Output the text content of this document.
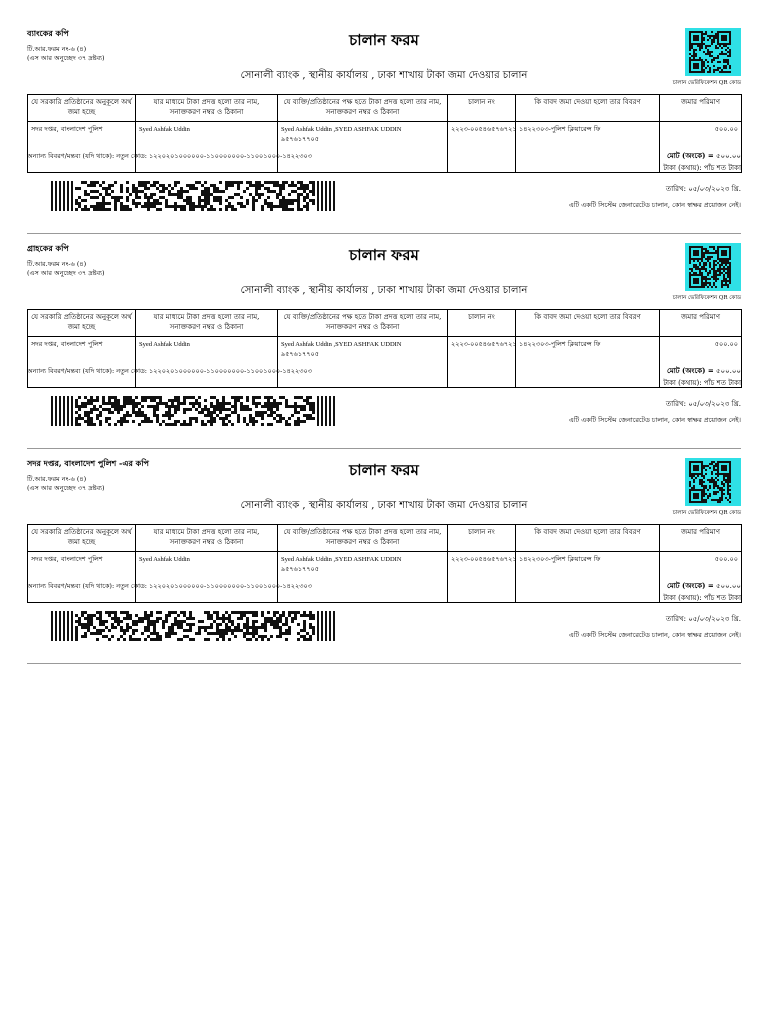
ব্যাংকের কপি
টি.আর.ফরম নং-৬ (৪)
(এস আর অনুচ্ছেদ ৩৭ দ্রষ্টব্য)
চালান ফরম
সোনালী ব্যাংক , স্থানীয় কার্যালয় , ঢাকা শাখায় টাকা জমা দেওয়ার চালান
চালান ভেরিফিকেশন QR কোড
যে সরকারি প্রতিষ্ঠানের অনুকূলে অর্থ জমা হচ্ছে	যার মাধ্যমে টাকা প্রদত্ত হলো তার নাম, সনাক্তকরণ নম্বর ও ঠিকানা	যে ব্যক্তি/প্রতিষ্ঠানের পক্ষ হতে টাকা প্রদত্ত হলো তার নাম, সনাক্তকরণ নম্বর ও ঠিকানা	চালান নং	কি বাবদ জমা দেওয়া হলো তার বিবরণ	জমার পরিমাণ
সদর দপ্তর, বাংলাদেশ পুলিশ	Syed Ashfak Uddin	Syed Ashfak Uddin ,SYED ASHFAK UDDIN
৯৫৭৬১৭৭০৫	২২২৩-০০৫৪৬৫৭৬৭২১	১৪২২৩০৩-পুলিশ ক্লিয়ারেন্স ফি	৫০০.০০
অন্যান্য বিবরণ/মন্তব্য (যদি থাকে): নতুন কোড: ১২২০২০১০০০০০০-১১০০০০০০০-১১০০১০০০-১৪২২৩০৩	মোট (অংকে) = ৫০০.০০
টাকা (কথায়): পাঁচ শত টাকা
তারিখ: ০৫/০৩/২০২৩ খ্রি.
এটি একটি সিস্টেম জেনারেটেড চালান, কোন স্বাক্ষর প্রয়োজন নেই।
গ্রাহকের কপি
টি.আর.ফরম নং-৬ (৪)
(এস আর অনুচ্ছেদ ৩৭ দ্রষ্টব্য)
চালান ফরম
সোনালী ব্যাংক , স্থানীয় কার্যালয় , ঢাকা শাখায় টাকা জমা দেওয়ার চালান
চালান ভেরিফিকেশন QR কোড
যে সরকারি প্রতিষ্ঠানের অনুকূলে অর্থ জমা হচ্ছে	যার মাধ্যমে টাকা প্রদত্ত হলো তার নাম, সনাক্তকরণ নম্বর ও ঠিকানা	যে ব্যক্তি/প্রতিষ্ঠানের পক্ষ হতে টাকা প্রদত্ত হলো তার নাম, সনাক্তকরণ নম্বর ও ঠিকানা	চালান নং	কি বাবদ জমা দেওয়া হলো তার বিবরণ	জমার পরিমাণ
সদর দপ্তর, বাংলাদেশ পুলিশ	Syed Ashfak Uddin	Syed Ashfak Uddin ,SYED ASHFAK UDDIN
৯৫৭৬১৭৭০৫	২২২৩-০০৫৪৬৫৭৬৭২১	১৪২২৩০৩-পুলিশ ক্লিয়ারেন্স ফি	৫০০.০০
অন্যান্য বিবরণ/মন্তব্য (যদি থাকে): নতুন কোড: ১২২০২০১০০০০০০-১১০০০০০০০-১১০০১০০০-১৪২২৩০৩	মোট (অংকে) = ৫০০.০০
টাকা (কথায়): পাঁচ শত টাকা
তারিখ: ০৫/০৩/২০২৩ খ্রি.
এটি একটি সিস্টেম জেনারেটেড চালান, কোন স্বাক্ষর প্রয়োজন নেই।
সদর দপ্তর, বাংলাদেশ পুলিশ -এর কপি
টি.আর.ফরম নং-৬ (৪)
(এস আর অনুচ্ছেদ ৩৭ দ্রষ্টব্য)
চালান ফরম
সোনালী ব্যাংক , স্থানীয় কার্যালয় , ঢাকা শাখায় টাকা জমা দেওয়ার চালান
চালান ভেরিফিকেশন QR কোড
যে সরকারি প্রতিষ্ঠানের অনুকূলে অর্থ জমা হচ্ছে	যার মাধ্যমে টাকা প্রদত্ত হলো তার নাম, সনাক্তকরণ নম্বর ও ঠিকানা	যে ব্যক্তি/প্রতিষ্ঠানের পক্ষ হতে টাকা প্রদত্ত হলো তার নাম, সনাক্তকরণ নম্বর ও ঠিকানা	চালান নং	কি বাবদ জমা দেওয়া হলো তার বিবরণ	জমার পরিমাণ
সদর দপ্তর, বাংলাদেশ পুলিশ	Syed Ashfak Uddin	Syed Ashfak Uddin ,SYED ASHFAK UDDIN
৯৫৭৬১৭৭০৫	২২২৩-০০৫৪৬৫৭৬৭২১	১৪২২৩০৩-পুলিশ ক্লিয়ারেন্স ফি	৫০০.০০
অন্যান্য বিবরণ/মন্তব্য (যদি থাকে): নতুন কোড: ১২২০২০১০০০০০০-১১০০০০০০০-১১০০১০০০-১৪২২৩০৩	মোট (অংকে) = ৫০০.০০
টাকা (কথায়): পাঁচ শত টাকা
তারিখ: ০৫/০৩/২০২৩ খ্রি.
এটি একটি সিস্টেম জেনারেটেড চালান, কোন স্বাক্ষর প্রয়োজন নেই।
